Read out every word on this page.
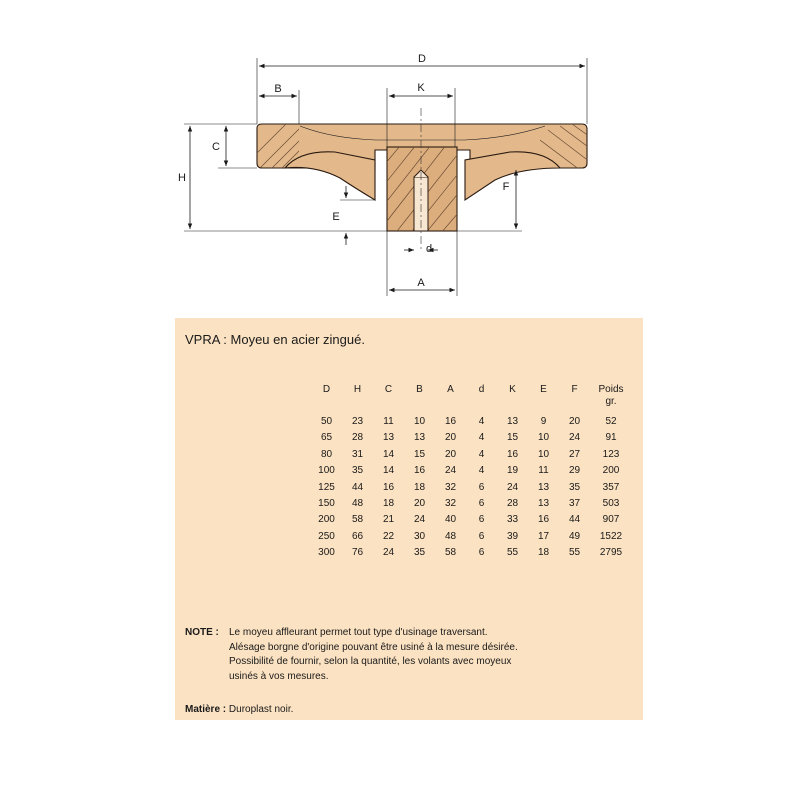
D
B	K
C
H
F
E
d
A
VPRA : Moyeu en acier zingué.
D	H	C	B	A	d	K	E	F	Poids
gr.
50	23	11	10	16	4	13	9	20	52
65	28	13	13	20	4	15	10	24	91
80	31	14	15	20	4	16	10	27	123
100	35	14	16	24	4	19	11	29	200
125	44	16	18	32	6	24	13	35	357
150	48	18	20	32	6	28	13	37	503
200	58	21	24	40	6	33	16	44	907
250	66	22	30	48	6	39	17	49	1522
300	76	24	35	58	6	55	18	55	2795
NOTE : Le moyeu affleurant permet tout type d'usinage traversant.
Alésage borgne d'origine pouvant être usiné à la mesure désirée.
Possibilité de fournir, selon la quantité, les volants avec moyeux
usinés à vos mesures.
Matière : Duroplast noir.
